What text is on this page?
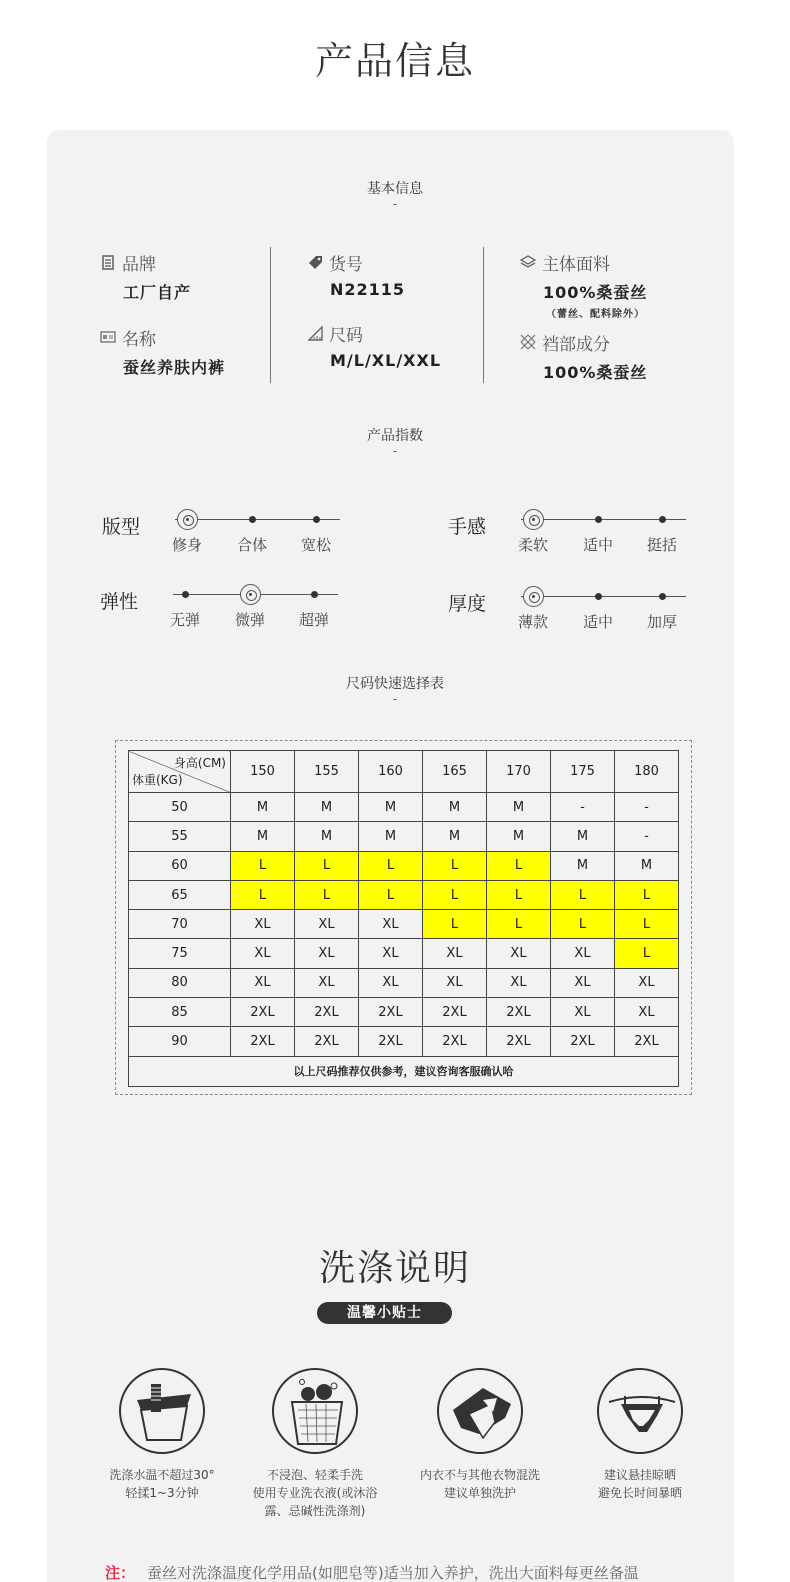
产品信息
基本信息
-
品牌
工厂自产
名称
蚕丝养肤内裤
货号
N22115
尺码
M/L/XL/XXL
主体面料
100%桑蚕丝
（蕾丝、配料除外）
裆部成分
100%桑蚕丝
产品指数
-
版型
修身	合体	宽松
手感
柔软	适中	挺括
弹性
无弹	微弹	超弹
厚度
薄款	适中	加厚
尺码快速选择表
-
身高(CM)
体重(KG)	150	155	160	165	170	175	180
50	M	M	M	M	M	-	-
55	M	M	M	M	M	M	-
60	L	L	L	L	L	M	M
65	L	L	L	L	L	L	L
70	XL	XL	XL	L	L	L	L
75	XL	XL	XL	XL	XL	XL	L
80	XL	XL	XL	XL	XL	XL	XL
85	2XL	2XL	2XL	2XL	2XL	XL	XL
90	2XL	2XL	2XL	2XL	2XL	2XL	2XL
以上尺码推荐仅供参考，建议咨询客服确认哈							
洗涤说明
温馨小贴士
洗涤水温不超过30°
轻揉1~3分钟
不浸泡、轻柔手洗
使用专业洗衣液(或沐浴
露、忌碱性洗涤剂)
内衣不与其他衣物混洗
建议单独洗护
建议悬挂晾晒
避免长时间暴晒
注： 蚕丝对洗涤温度化学用品(如肥皂等)适当加入养护，洗出大面料每更丝备温
